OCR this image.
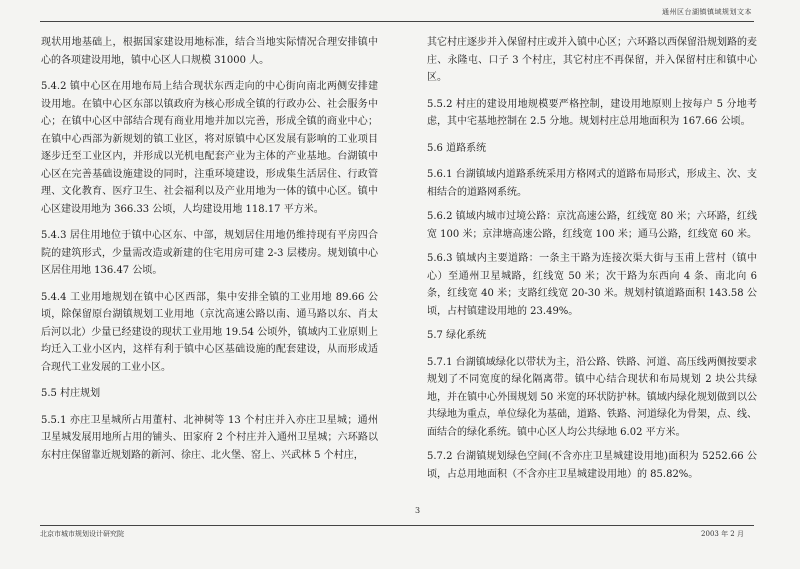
通州区台湖镇镇域规划文本

现状用地基础上，根据国家建设用地标准，结合当地实际情况合理安排镇中心的各项建设用地，镇中心区人口规模 31000 人。

5.4.2 镇中心区在用地布局上结合现状东西走向的中心街向南北两侧安排建设用地。在镇中心区东部以镇政府为核心形成全镇的行政办公、社会服务中心；在镇中心区中部结合现有商业用地并加以完善，形成全镇的商业中心；在镇中心西部为新规划的镇工业区，将对原镇中心区发展有影响的工业项目逐步迁至工业区内，并形成以光机电配套产业为主体的产业基地。台湖镇中心区在完善基础设施建设的同时，注重环境建设，形成集生活居住、行政管理、文化教育、医疗卫生、社会福利以及产业用地为一体的镇中心区。镇中心区建设用地为 366.33 公顷，人均建设用地 118.17 平方米。

5.4.3 居住用地位于镇中心区东、中部，规划居住用地仍维持现有平房四合院的建筑形式，少量需改造或新建的住宅用房可建 2-3 层楼房。规划镇中心区居住用地 136.47 公顷。

5.4.4 工业用地规划在镇中心区西部，集中安排全镇的工业用地 89.66 公顷，除保留原台湖镇规划工业用地（京沈高速公路以南、通马路以东、肖太后河以北）少量已经建设的现状工业用地 19.54 公顷外，镇域内工业原则上均迁入工业小区内，这样有利于镇中心区基础设施的配套建设，从而形成适合现代工业发展的工业小区。

5.5 村庄规划

5.5.1 亦庄卫星城所占用董村、北神树等 13 个村庄并入亦庄卫星城；通州卫星城发展用地所占用的铺头、田家府 2 个村庄并入通州卫星城；六环路以东村庄保留靠近规划路的新河、徐庄、北火堡、窑上、兴武林 5 个村庄，

其它村庄逐步并入保留村庄或并入镇中心区；六环路以西保留沿规划路的麦庄、永隆屯、口子 3 个村庄，其它村庄不再保留，并入保留村庄和镇中心区。

5.5.2 村庄的建设用地规模要严格控制，建设用地原则上按每户 5 分地考虑，其中宅基地控制在 2.5 分地。规划村庄总用地面积为 167.66 公顷。

5.6 道路系统

5.6.1 台湖镇域内道路系统采用方格网式的道路布局形式，形成主、次、支相结合的道路网系统。

5.6.2 镇域内城市过境公路：京沈高速公路，红线宽 80 米；六环路，红线宽 100 米；京津塘高速公路，红线宽 100 米；通马公路，红线宽 60 米。

5.6.3 镇域内主要道路：一条主干路为连接次渠大街与玉甫上营村（镇中心）至通州卫星城路，红线宽 50 米；次干路为东西向 4 条、南北向 6 条，红线宽 40 米；支路红线宽 20-30 米。规划村镇道路面积 143.58 公顷，占村镇建设用地的 23.49%。

5.7 绿化系统

5.7.1 台湖镇域绿化以带状为主，沿公路、铁路、河道、高压线两侧按要求规划了不同宽度的绿化隔离带。镇中心结合现状和布局规划 2 块公共绿地，并在镇中心外围规划 50 米宽的环状防护林。镇域内绿化规划做到以公共绿地为重点，单位绿化为基础，道路、铁路、河道绿化为骨架，点、线、面结合的绿化系统。镇中心区人均公共绿地 6.02 平方米。

5.7.2 台湖镇规划绿色空间(不含亦庄卫星城建设用地)面积为 5252.66 公顷，占总用地面积（不含亦庄卫星城建设用地）的 85.82%。

3
北京市城市规划设计研究院	2003 年 2 月
